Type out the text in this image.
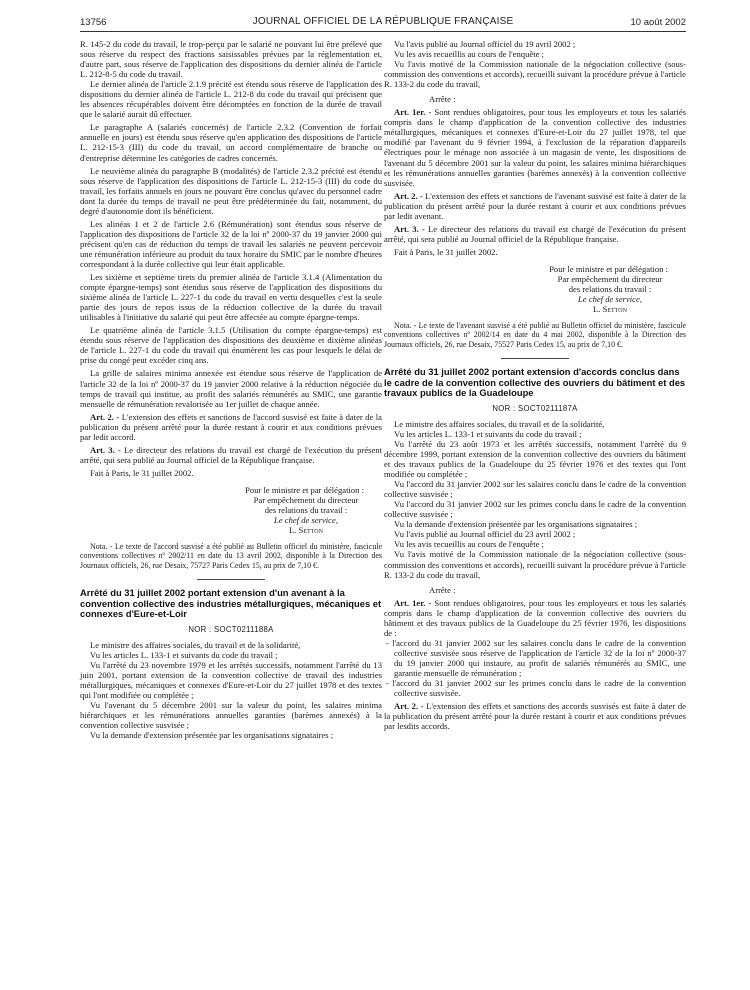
13756	JOURNAL OFFICIEL DE LA RÉPUBLIQUE FRANÇAISE	10 août 2002

R. 145-2 du code du travail, le trop-perçu par le salarié ne pouvant lui être prélevé que sous réserve du respect des fractions saisissables prévues par la réglementation et, d'autre part, sous réserve de l'application des dispositions du dernier alinéa de l'article L. 212-8-5 du code du travail.

Le dernier alinéa de l'article 2.1.9 précité est étendu sous réserve de l'application des dispositions du dernier alinéa de l'article L. 212-8 du code du travail qui précisent que les absences récupérables doivent être décomptées en fonction de la durée de travail que le salarié aurait dû effectuer.

Le paragraphe A (salariés concernés) de l'article 2.3.2 (Convention de forfait annuelle en jours) est étendu sous réserve qu'en application des dispositions de l'article L. 212-15-3 (III) du code du travail, un accord complémentaire de branche ou d'entreprise détermine les catégories de cadres concernés.

Le neuvième alinéa du paragraphe B (modalités) de l'article 2.3.2 précité est étendu sous réserve de l'application des dispositions de l'article L. 212-15-3 (III) du code du travail, les forfaits annuels en jours ne pouvant être conclus qu'avec du personnel cadre dont la durée du temps de travail ne peut être prédéterminée du fait, notamment, du degré d'autonomie dont ils bénéficient.

Les alinéas 1 et 2 de l'article 2.6 (Rémunération) sont étendus sous réserve de l'application des dispositions de l'article 32 de la loi nº 2000-37 du 19 janvier 2000 qui précisent qu'en cas de réduction du temps de travail les salariés ne peuvent percevoir une rémunération inférieure au produit du taux horaire du SMIC par le nombre d'heures correspondant à la durée collective qui leur était applicable.

Les sixième et septième tirets du premier alinéa de l'article 3.1.4 (Alimentation du compte épargne-temps) sont étendus sous réserve de l'application des dispositions du sixième alinéa de l'article L. 227-1 du code du travail en vertu desquelles c'est la seule partie des jours de repos issus de la réduction collective de la durée du travail utilisables à l'initiative du salarié qui peut être affectée au compte épargne-temps.

Le quatrième alinéa de l'article 3.1.5 (Utilisation du compte épargne-temps) est étendu sous réserve de l'application des dispositions des deuxième et dixième alinéas de l'article L. 227-1 du code du travail qui énumèrent les cas pour lesquels le délai de prise du congé peut excéder cinq ans.

La grille de salaires minima annexée est étendue sous réserve de l'application de l'article 32 de la loi nº 2000-37 du 19 janvier 2000 relative à la réduction négociée du temps de travail qui institue, au profit des salariés rémunérés au SMIC, une garantie mensuelle de rémunération revalorisée au 1er juillet de chaque année.

Art. 2. - L'extension des effets et sanctions de l'accord susvisé est faite à dater de la publication du présent arrêté pour la durée restant à courir et aux conditions prévues par ledit accord.

Art. 3. - Le directeur des relations du travail est chargé de l'exécution du présent arrêté, qui sera publié au Journal officiel de la République française.

Fait à Paris, le 31 juillet 2002.

Pour le ministre et par délégation :
Par empêchement du directeur
des relations du travail :
Le chef de service,
L. Setton

Nota. - Le texte de l'accord susvisé a été publié au Bulletin officiel du ministère, fascicule conventions collectives nº 2002/11 en date du 13 avril 2002, disponible à la Direction des Journaux officiels, 26, rue Desaix, 75727 Paris Cedex 15, au prix de 7,10 €.

Arrêté du 31 juillet 2002 portant extension d'un avenant à la convention collective des industries métallurgiques, mécaniques et connexes d'Eure-et-Loir

NOR : SOCT0211188A

Le ministre des affaires sociales, du travail et de la solidarité,

Vu les articles L. 133-1 et suivants du code du travail ;

Vu l'arrêté du 23 novembre 1979 et les arrêtés successifs, notamment l'arrêté du 13 juin 2001, portant extension de la convention collective de travail des industries métallurgiques, mécaniques et connexes d'Eure-et-Loir du 27 juillet 1978 et des textes qui l'ont modifiée ou complétée ;

Vu l'avenant du 5 décembre 2001 sur la valeur du point, les salaires minima hiérarchiques et les rémunérations annuelles garanties (barèmes annexés) à la convention collective susvisée ;

Vu la demande d'extension présentée par les organisations signataires ;

Vu l'avis publié au Journal officiel du 19 avril 2002 ;

Vu les avis recueillis au cours de l'enquête ;

Vu l'avis motivé de la Commission nationale de la négociation collective (sous-commission des conventions et accords), recueilli suivant la procédure prévue à l'article R. 133-2 du code du travail,

Arrête :

Art. 1er. - Sont rendues obligatoires, pour tous les employeurs et tous les salariés compris dans le champ d'application de la convention collective des industries métallurgiques, mécaniques et connexes d'Eure-et-Loir du 27 juillet 1978, tel que modifié par l'avenant du 9 février 1994, à l'exclusion de la réparation d'appareils électriques pour le ménage non associée à un magasin de vente, les dispositions de l'avenant du 5 décembre 2001 sur la valeur du point, les salaires minima hiérarchiques et les rémunérations annuelles garanties (barèmes annexés) à la convention collective susvisée.

Art. 2. - L'extension des effets et sanctions de l'avenant susvisé est faite à dater de la publication du présent arrêté pour la durée restant à courir et aux conditions prévues par ledit avenant.

Art. 3. - Le directeur des relations du travail est chargé de l'exécution du présent arrêté, qui sera publié au Journal officiel de la République française.

Fait à Paris, le 31 juillet 2002.

Pour le ministre et par délégation :
Par empêchement du directeur
des relations du travail :
Le chef de service,
L. Setton

Nota. - Le texte de l'avenant susvisé a été publié au Bulletin officiel du ministère, fascicule conventions collectives nº 2002/14 en date du 4 mai 2002, disponible à la Direction des Journaux officiels, 26, rue Desaix, 75527 Paris Cedex 15, au prix de 7,10 €.

Arrêté du 31 juillet 2002 portant extension d'accords conclus dans le cadre de la convention collective des ouvriers du bâtiment et des travaux publics de la Guadeloupe

NOR : SOCT0211187A

Le ministre des affaires sociales, du travail et de la solidarité,

Vu les articles L. 133-1 et suivants du code du travail ;

Vu l'arrêté du 23 août 1973 et les arrêtés successifs, notamment l'arrêté du 9 décembre 1999, portant extension de la convention collective des ouvriers du bâtiment et des travaux publics de la Guadeloupe du 25 février 1976 et des textes qui l'ont modifiée ou complétée ;

Vu l'accord du 31 janvier 2002 sur les salaires conclu dans le cadre de la convention collective susvisée ;

Vu l'accord du 31 janvier 2002 sur les primes conclu dans le cadre de la convention collective susvisée ;

Vu la demande d'extension présentée par les organisations signataires ;

Vu l'avis publié au Journal officiel du 23 avril 2002 ;

Vu les avis recueillis au cours de l'enquête ;

Vu l'avis motivé de la Commission nationale de la négociation collective (sous-commission des conventions et accords), recueilli suivant la procédure prévue à l'article R. 133-2 du code du travail,

Arrête :

Art. 1er. - Sont rendues obligatoires, pour tous les employeurs et tous les salariés compris dans le champ d'application de la convention collective des ouvriers du bâtiment et des travaux publics de la Guadeloupe du 25 février 1976, les dispositions de :

- l'accord du 31 janvier 2002 sur les salaires conclu dans le cadre de la convention collective susvisée sous réserve de l'application de l'article 32 de la loi nº 2000-37 du 19 janvier 2000 qui instaure, au profit de salariés rémunérés au SMIC, une garantie mensuelle de rémunération ;

- l'accord du 31 janvier 2002 sur les primes conclu dans le cadre de la convention collective susvisée.

Art. 2. - L'extension des effets et sanctions des accords susvisés est faite à dater de la publication du présent arrêté pour la durée restant à courir et aux conditions prévues par lesdits accords.
